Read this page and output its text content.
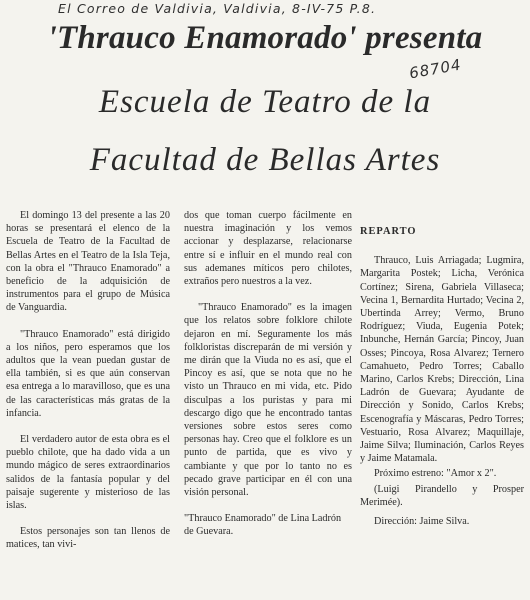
El Correo de Valdivia, Valdivia, 8-IV-75 P.8.
68704
'Thrauco Enamorado' presenta
Escuela de Teatro de la
Facultad de Bellas Artes

El domingo 13 del presente a las 20 horas se presentará el elenco de la Escuela de Teatro de la Facultad de Bellas Artes en el Teatro de la Isla Teja, con la obra el "Thrauco Enamorado" a beneficio de la adquisición de instrumentos para el grupo de Música de Vanguardia.

"Thrauco Enamorado" está dirigido a los niños, pero esperamos que los adultos que la vean puedan gustar de ella también, si es que aún conservan esa entrega a lo maravilloso, que es una de las características más gratas de la infancia.

El verdadero autor de esta obra es el pueblo chilote, que ha dado vida a un mundo mágico de seres extraordinarios salidos de la fantasía popular y del paisaje sugerente y misterioso de las islas.

Estos personajes son tan llenos de matices, tan vivi-

dos que toman cuerpo fácilmente en nuestra imaginación y los vemos accionar y desplazarse, relacionarse entre sí e influir en el mundo real con sus ademanes míticos pero chilotes, extraños pero nuestros a la vez.

"Thrauco Enamorado" es la imagen que los relatos sobre folklore chilote dejaron en mí. Seguramente los más folkloristas discreparán de mi versión y me dirán que la Viuda no es así, que el Pincoy es así, que se nota que no he visto un Thrauco en mi vida, etc. Pido disculpas a los puristas y para mi descargo digo que he encontrado tantas versiones sobre estos seres como personas hay. Creo que el folklore es un punto de partida, que es vivo y cambiante y que por lo tanto no es pecado grave participar en él con una visión personal.

"Thrauco Enamorado" de Lina Ladrón de Guevara.

REPARTO

Thrauco, Luis Arriagada; Lugmira, Margarita Postek; Licha, Verónica Cortínez; Sirena, Gabriela Villaseca; Vecina 1, Bernardita Hurtado; Vecina 2, Ubertinda Arrey; Vermo, Bruno Rodríguez; Viuda, Eugenia Potek; Inbunche, Hernán García; Pincoy, Juan Osses; Pincoya, Rosa Alvarez; Ternero Camahueto, Pedro Torres; Caballo Marino, Carlos Krebs; Dirección, Lina Ladrón de Guevara; Ayudante de Dirección y Sonido, Carlos Krebs; Escenografía y Máscaras, Pedro Torres; Vestuario, Rosa Alvarez; Maquillaje, Jaime Silva; Iluminación, Carlos Reyes y Jaime Matamala.

Próximo estreno: "Amor x 2".

(Luigi Pirandello y Prosper Merimée).

Dirección: Jaime Silva.
